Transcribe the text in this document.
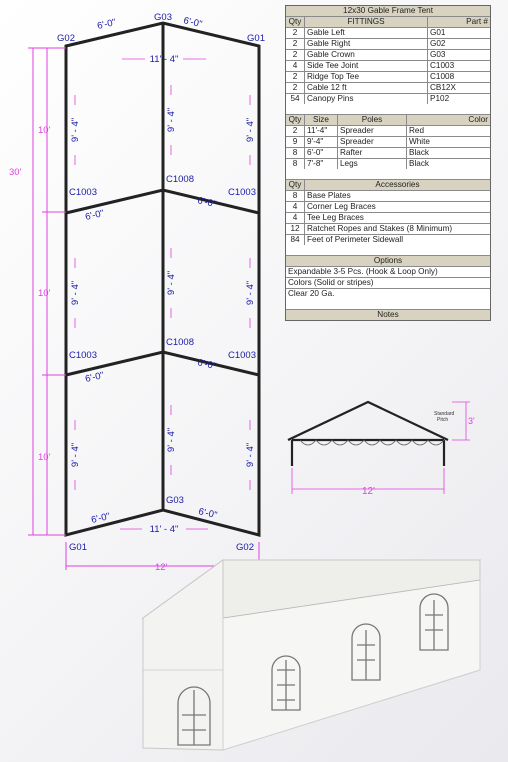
G02	G01
G03
G01	G02
G03
C1003	C1003
C1008
C1003	C1003
C1008
30'
10'
10'
10'
12'
6'-0"	6'-0"
6'-0"	6'-0"
6'-0"
6'-0"
6'-0"
6'-0"
11' - 4"
11' - 4"
9' - 4"	9' - 4"	9' - 4"
9' - 4"	9' - 4"	9' - 4"
9' - 4"
9' - 4"
9' - 4"
12x30 Gable Frame Tent
Qty	FITTINGS	Part #
2	Gable Left	G01
2	Gable Right	G02
2	Gable Crown	G03
4	Side Tee Joint	C1003
2	Ridge Top Tee	C1008
2	Cable 12 ft	CB12X
54 Canopy Pins	P102
Qty	Size	Poles	Color
2	11'-4"	Spreader	Red
9	9'-4"	Spreader	White
8	6'-0"	Rafter	Black
8	7'-8"	Legs	Black
Qty	Accessories
8	Base Plates
4	Corner Leg Braces
4	Tee Leg Braces
12 Ratchet Ropes and Stakes (8 Minimum)
84 Feet of Perimeter Sidewall
Options
Expandable 3-5 Pcs. (Hook & Loop Only)
Colors (Solid or stripes)
Clear 20 Ga.
Notes
Standard
Pitch 3'
12'
